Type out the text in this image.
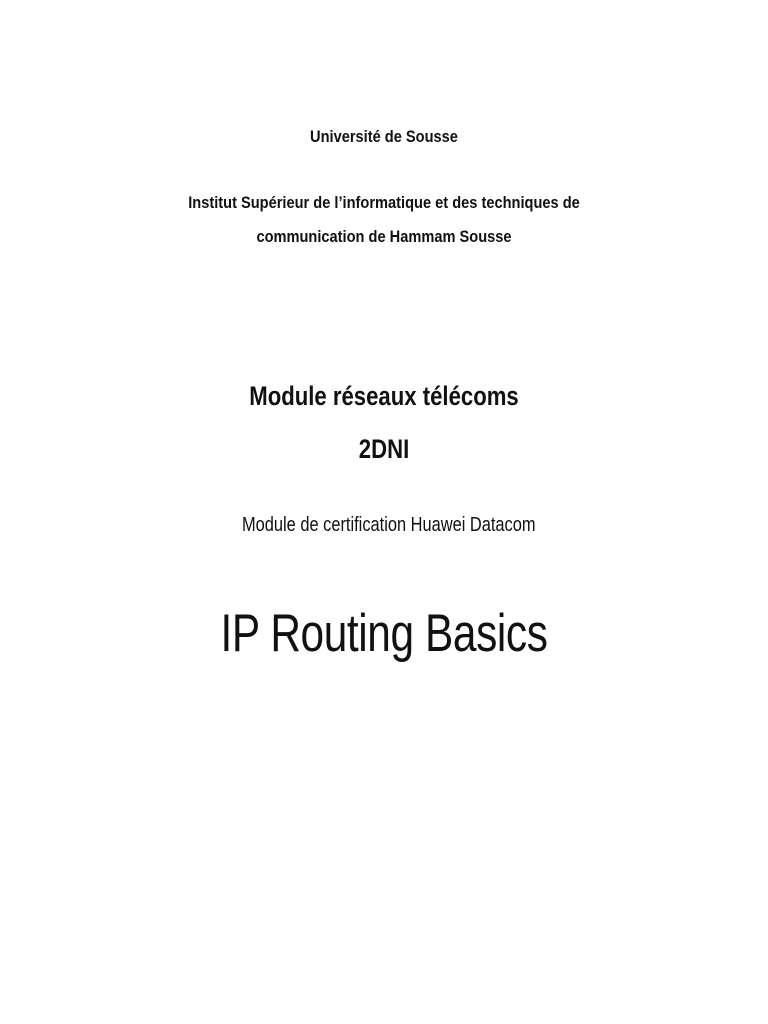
Université de Sousse
Institut Supérieur de l’informatique et des techniques de
communication de Hammam Sousse
Module réseaux télécoms
2DNI
Module de certification Huawei Datacom
IP Routing Basics
